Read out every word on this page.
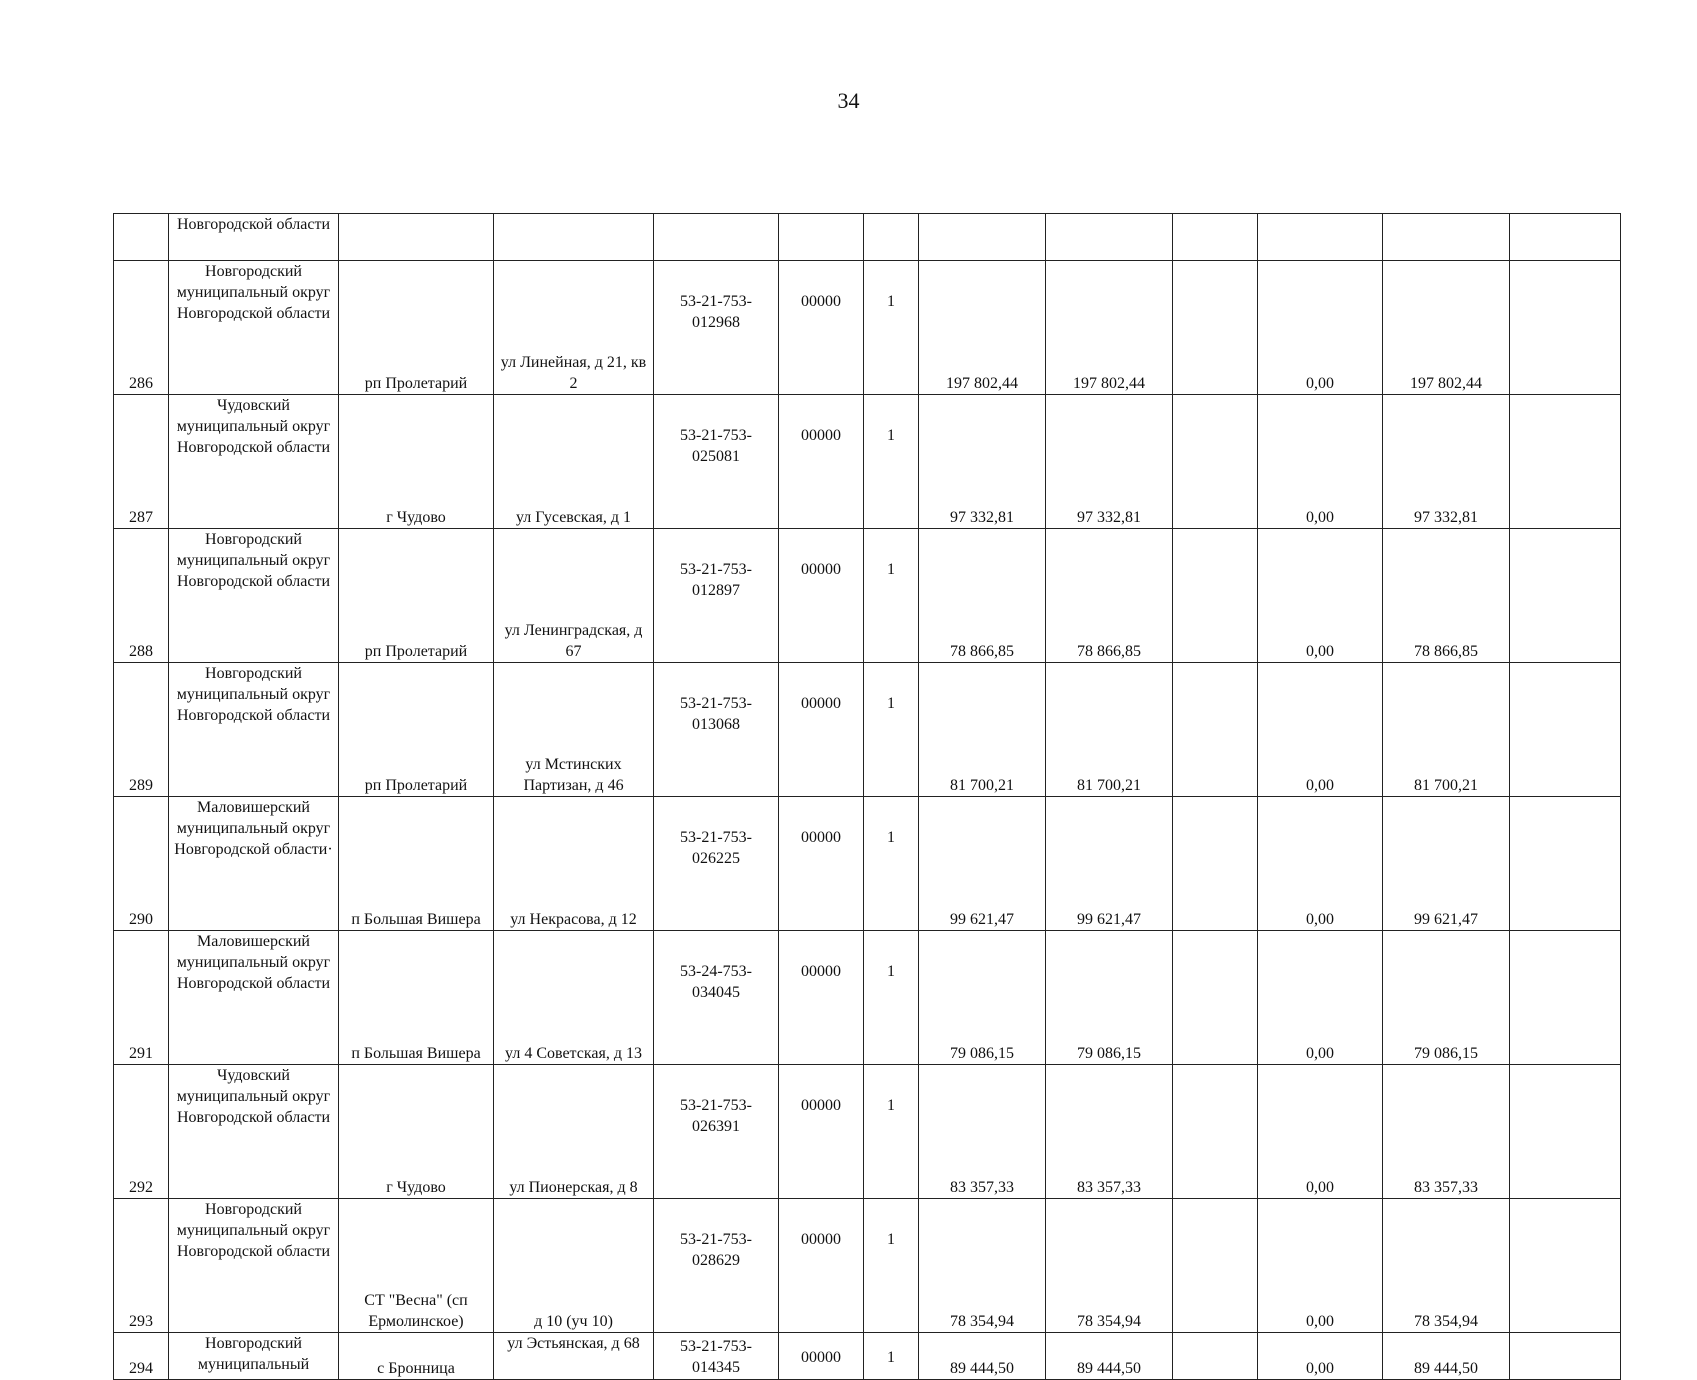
34
	Новгородской области											
286	Новгородский муниципальный округ Новгородской области	рп Пролетарий	ул Линейная, д 21, кв 2	53-21-753-012968	00000	1	197 802,44	197 802,44		0,00	197 802,44	
287	Чудовский муниципальный округ Новгородской области	г Чудово	ул Гусевская, д 1	53-21-753-025081	00000	1	97 332,81	97 332,81		0,00	97 332,81	
288	Новгородский муниципальный округ Новгородской области	рп Пролетарий	ул Ленинградская, д 67	53-21-753-012897	00000	1	78 866,85	78 866,85		0,00	78 866,85	
289	Новгородский муниципальный округ Новгородской области	рп Пролетарий	ул Мстинских Партизан, д 46	53-21-753-013068	00000	1	81 700,21	81 700,21		0,00	81 700,21	
290	Маловишерский муниципальный округ Новгородской области·	п Большая Вишера	ул Некрасова, д 12	53-21-753-026225	00000	1	99 621,47	99 621,47		0,00	99 621,47	
291	Маловишерский муниципальный округ Новгородской области	п Большая Вишера	ул 4 Советская, д 13	53-24-753-034045	00000	1	79 086,15	79 086,15		0,00	79 086,15	
292	Чудовский муниципальный округ Новгородской области	г Чудово	ул Пионерская, д 8	53-21-753-026391	00000	1	83 357,33	83 357,33		0,00	83 357,33	
293	Новгородский муниципальный округ Новгородской области	СТ "Весна" (сп Ермолинское)	д 10 (уч 10)	53-21-753-028629	00000	1	78 354,94	78 354,94		0,00	78 354,94	
294	Новгородский муниципальный	с Бронница	ул Эстьянская, д 68	53-21-753-014345	00000	1	89 444,50	89 444,50		0,00	89 444,50	
